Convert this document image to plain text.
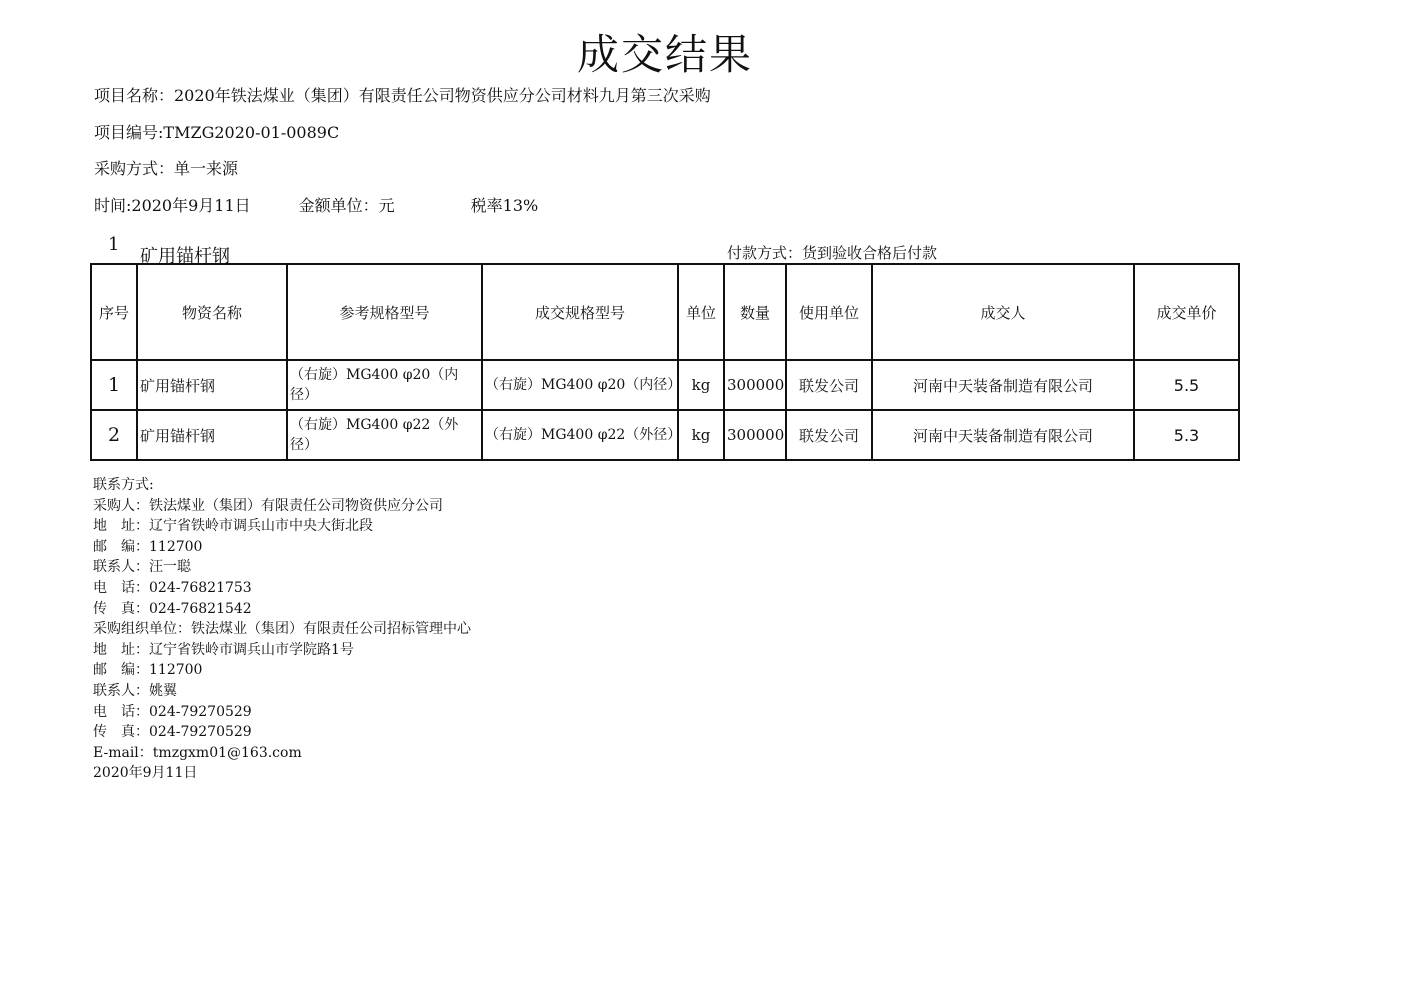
成交结果
项目名称：2020年铁法煤业（集团）有限责任公司物资供应分公司材料九月第三次采购
项目编号:TMZG2020-01-0089C
采购方式：单一来源
时间:2020年9月11日	金额单位：元	税率13%
1
矿用锚杆钢	付款方式：货到验收合格后付款
序号	物资名称	参考规格型号	成交规格型号	单位	数量	使用单位	成交人	成交单价
1	矿用锚杆钢	（右旋）MG400 φ20（内径）	（右旋）MG400 φ20（内径）	kg	300000	联发公司	河南中天装备制造有限公司	5.5
2	矿用锚杆钢	（右旋）MG400 φ22（外径）	（右旋）MG400 φ22（外径）	kg	300000	联发公司	河南中天装备制造有限公司	5.3
联系方式:
采购人：铁法煤业（集团）有限责任公司物资供应分公司
地　址：辽宁省铁岭市调兵山市中央大街北段
邮　编：112700
联系人：汪一聪
电　话：024-76821753
传　真：024-76821542
采购组织单位：铁法煤业（集团）有限责任公司招标管理中心
地　址：辽宁省铁岭市调兵山市学院路1号
邮　编：112700
联系人：姚翼
电　话：024-79270529
传　真：024-79270529
E-mail：tmzgxm01@163.com
2020年9月11日
